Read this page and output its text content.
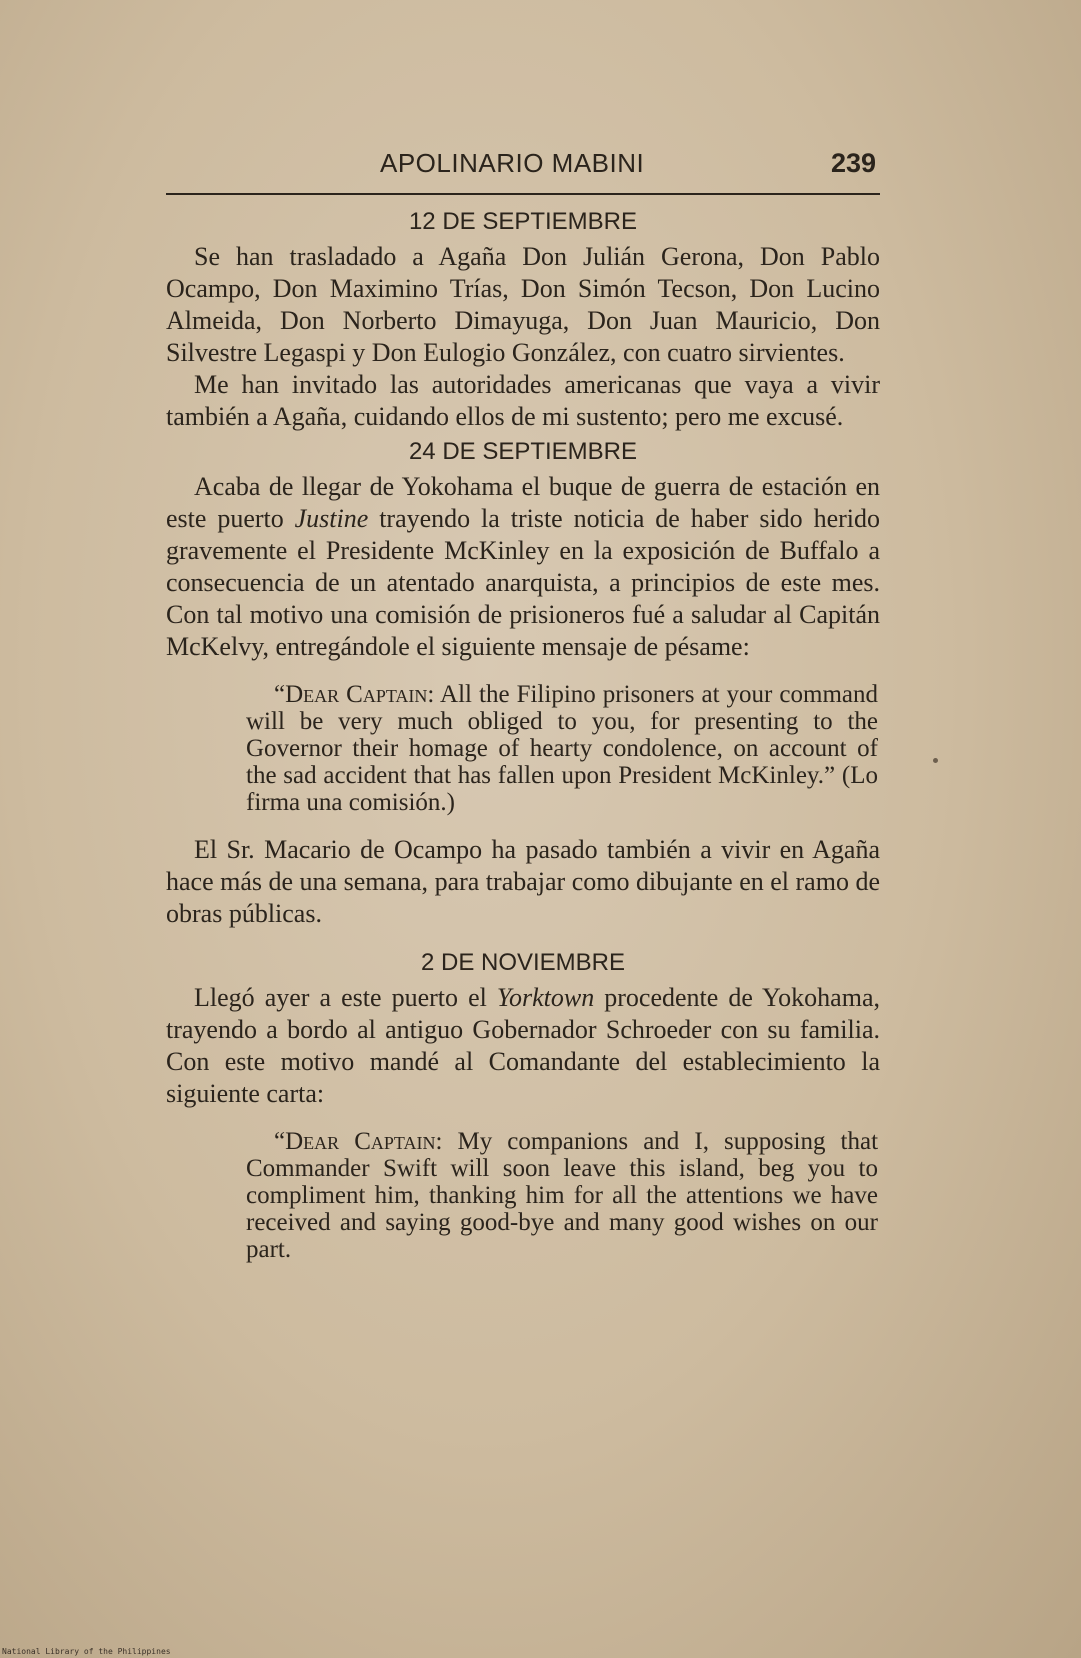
APOLINARIO MABINI	239
12 DE SEPTIEMBRE

Se han trasladado a Agaña Don Julián Gerona, Don Pablo Ocampo, Don Maximino Trías, Don Simón Tecson, Don Lucino Almeida, Don Norberto Dimayuga, Don Juan Mauricio, Don Silvestre Legaspi y Don Eulogio González, con cuatro sirvientes.

Me han invitado las autoridades americanas que vaya a vivir también a Agaña, cuidando ellos de mi sustento; pero me excusé.

24 DE SEPTIEMBRE

Acaba de llegar de Yokohama el buque de guerra de estación en este puerto Justine trayendo la triste noticia de haber sido herido gravemente el Presidente McKinley en la exposición de Buffalo a consecuencia de un atentado anarquista, a principios de este mes. Con tal motivo una comisión de prisioneros fué a saludar al Capitán McKelvy, entregándole el siguiente mensaje de pésame:

“Dear Captain: All the Filipino prisoners at your command will be very much obliged to you, for presenting to the Governor their homage of hearty condolence, on account of the sad accident that has fallen upon President McKinley.” (Lo firma una comisión.)

El Sr. Macario de Ocampo ha pasado también a vivir en Agaña hace más de una semana, para trabajar como dibujante en el ramo de obras públicas.

2 DE NOVIEMBRE

Llegó ayer a este puerto el Yorktown procedente de Yokohama, trayendo a bordo al antiguo Gobernador Schroeder con su familia. Con este motivo mandé al Comandante del establecimiento la siguiente carta:

“Dear Captain: My companions and I, supposing that Commander Swift will soon leave this island, beg you to compliment him, thanking him for all the attentions we have received and saying good-bye and many good wishes on our part.
National Library of the Philippines
